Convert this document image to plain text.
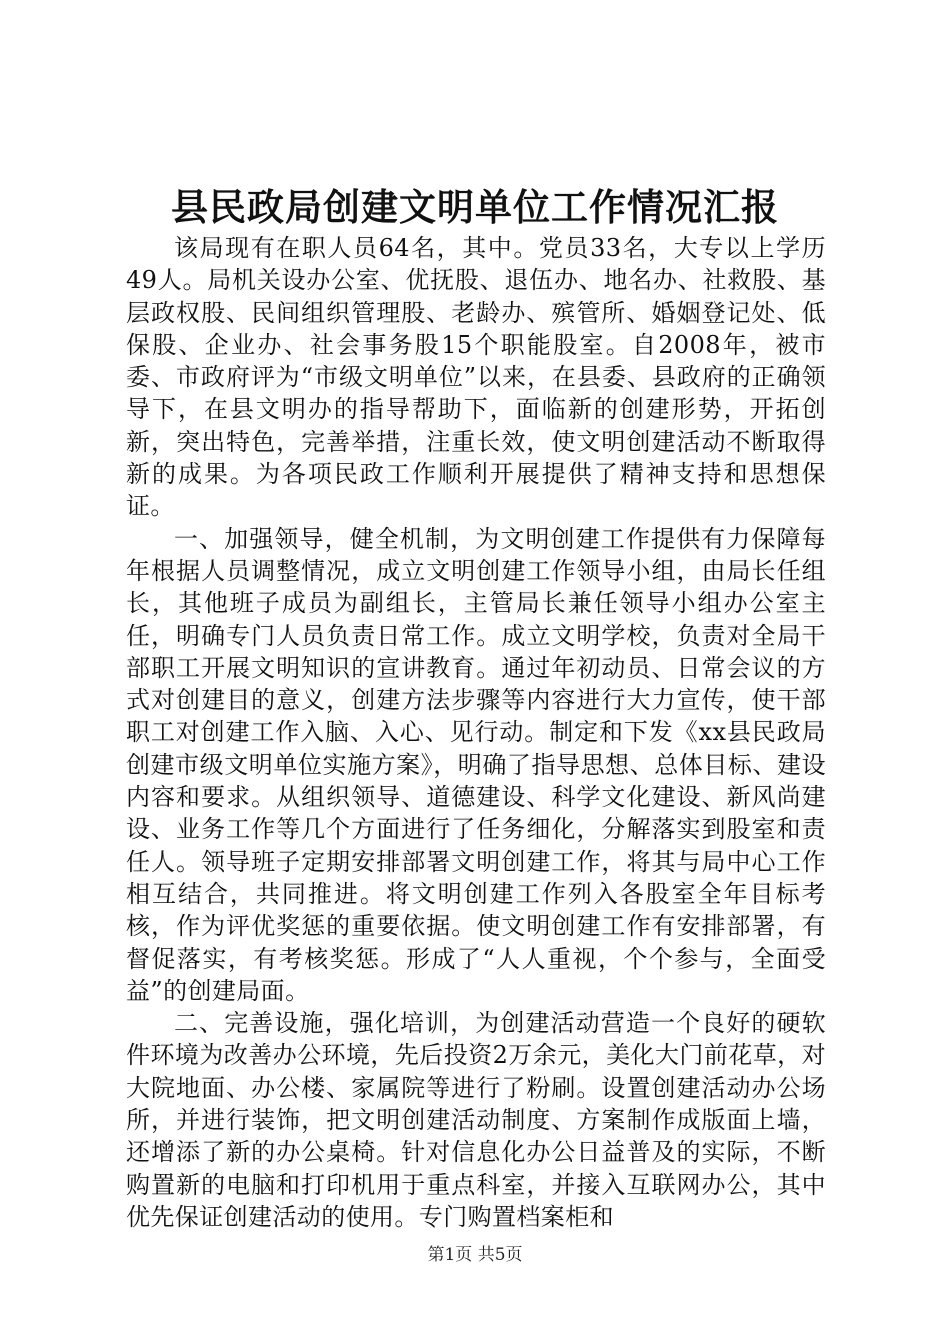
县民政局创建文明单位工作情况汇报

该局现有在职人员64名，其中。党员33名，大专以上学历49人。局机关设办公室、优抚股、退伍办、地名办、社救股、基层政权股、民间组织管理股、老龄办、殡管所、婚姻登记处、低保股、企业办、社会事务股15个职能股室。自2008年，被市委、市政府评为“市级文明单位”以来，在县委、县政府的正确领导下，在县文明办的指导帮助下，面临新的创建形势，开拓创新，突出特色，完善举措，注重长效，使文明创建活动不断取得新的成果。为各项民政工作顺利开展提供了精神支持和思想保证。

一、加强领导，健全机制，为文明创建工作提供有力保障每年根据人员调整情况，成立文明创建工作领导小组，由局长任组长，其他班子成员为副组长，主管局长兼任领导小组办公室主任，明确专门人员负责日常工作。成立文明学校，负责对全局干部职工开展文明知识的宣讲教育。通过年初动员、日常会议的方式对创建目的意义，创建方法步骤等内容进行大力宣传，使干部职工对创建工作入脑、入心、见行动。制定和下发《xx县民政局创建市级文明单位实施方案》，明确了指导思想、总体目标、建设内容和要求。从组织领导、道德建设、科学文化建设、新风尚建设、业务工作等几个方面进行了任务细化，分解落实到股室和责任人。领导班子定期安排部署文明创建工作，将其与局中心工作相互结合，共同推进。将文明创建工作列入各股室全年目标考核，作为评优奖惩的重要依据。使文明创建工作有安排部署，有督促落实，有考核奖惩。形成了“人人重视，个个参与，全面受益”的创建局面。

二、完善设施，强化培训，为创建活动营造一个良好的硬软件环境为改善办公环境，先后投资2万余元，美化大门前花草，对大院地面、办公楼、家属院等进行了粉刷。设置创建活动办公场所，并进行装饰，把文明创建活动制度、方案制作成版面上墙，还增添了新的办公桌椅。针对信息化办公日益普及的实际，不断购置新的电脑和打印机用于重点科室，并接入互联网办公，其中优先保证创建活动的使用。专门购置档案柜和

第1页 共5页
